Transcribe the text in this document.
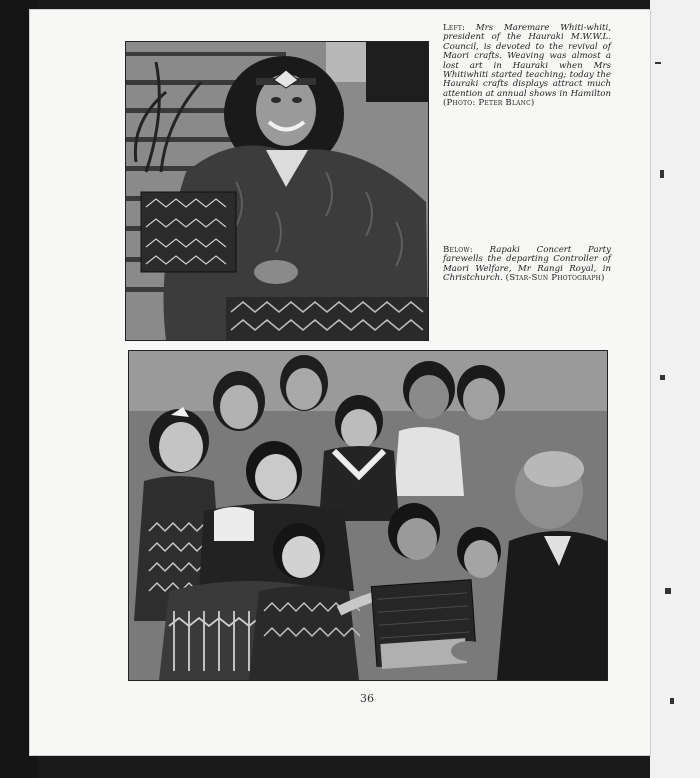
Left: Mrs Maremare Whiti-whiti, president of the Hauraki M.W.W.L. Council, is devoted to the revival of Maori crafts. Weaving was almost a lost art in Hauraki when Mrs Whitiwhiti started teaching; today the Hauraki crafts displays attract much attention at annual shows in Hamilton (Photo: Peter Blanc)
Below: Rapaki Concert Party farewells the departing Controller of Maori Welfare, Mr Rangi Royal, in Christchurch. (Star-Sun Photograph)
36
